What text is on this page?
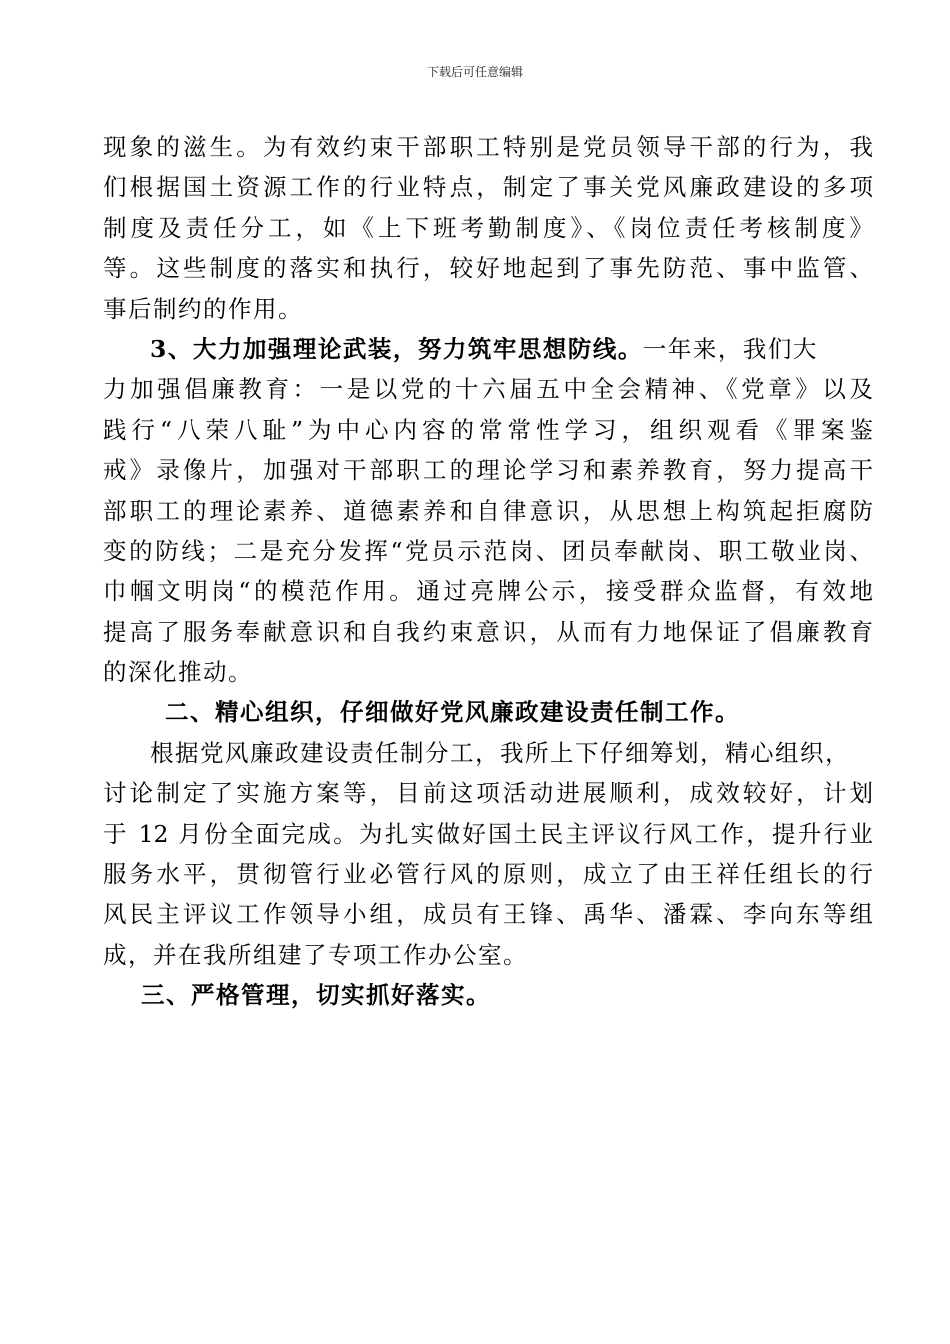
下载后可任意编辑
现象的滋生。为有效约束干部职工特别是党员领导干部的行为，我
们根据国土资源工作的行业特点，制定了事关党风廉政建设的多项
制度及责任分工，如《上下班考勤制度》、《岗位责任考核制度》
等。这些制度的落实和执行，较好地起到了事先防范、事中监管、
事后制约的作用。
3、大力加强理论武装，努力筑牢思想防线。一年来，我们大
力加强倡廉教育：一是以党的十六届五中全会精神、《党章》以及
践行“八荣八耻”为中心内容的常常性学习，组织观看《罪案鉴
戒》录像片，加强对干部职工的理论学习和素养教育，努力提高干
部职工的理论素养、道德素养和自律意识，从思想上构筑起拒腐防
变的防线；二是充分发挥“党员示范岗、团员奉献岗、职工敬业岗、
巾帼文明岗“的模范作用。通过亮牌公示，接受群众监督，有效地
提高了服务奉献意识和自我约束意识，从而有力地保证了倡廉教育
的深化推动。
二、精心组织，仔细做好党风廉政建设责任制工作。
根据党风廉政建设责任制分工，我所上下仔细筹划，精心组织，
讨论制定了实施方案等，目前这项活动进展顺利，成效较好，计划
于 12 月份全面完成。为扎实做好国土民主评议行风工作，提升行业
服务水平，贯彻管行业必管行风的原则，成立了由王祥任组长的行
风民主评议工作领导小组，成员有王锋、禹华、潘霖、李向东等组
成，并在我所组建了专项工作办公室。
三、严格管理，切实抓好落实。
